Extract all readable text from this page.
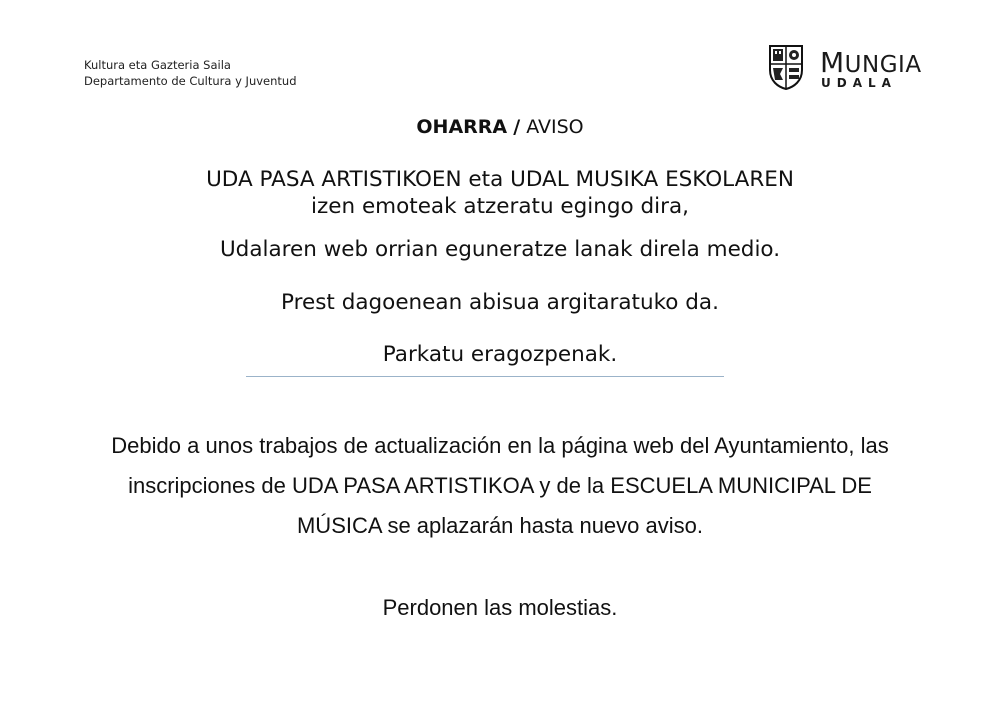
Kultura eta Gazteria Saila
Departamento de Cultura y Juventud
MUNGIA
UDALA
OHARRA / AVISO
UDA PASA ARTISTIKOEN eta UDAL MUSIKA ESKOLAREN
izen emoteak atzeratu egingo dira,
Udalaren web orrian eguneratze lanak direla medio.
Prest dagoenean abisua argitaratuko da.
Parkatu eragozpenak.
Debido a unos trabajos de actualización en la página web del Ayuntamiento, las inscripciones de UDA PASA ARTISTIKOA y de la ESCUELA MUNICIPAL DE MÚSICA se aplazarán hasta nuevo aviso.
Perdonen las molestias.
